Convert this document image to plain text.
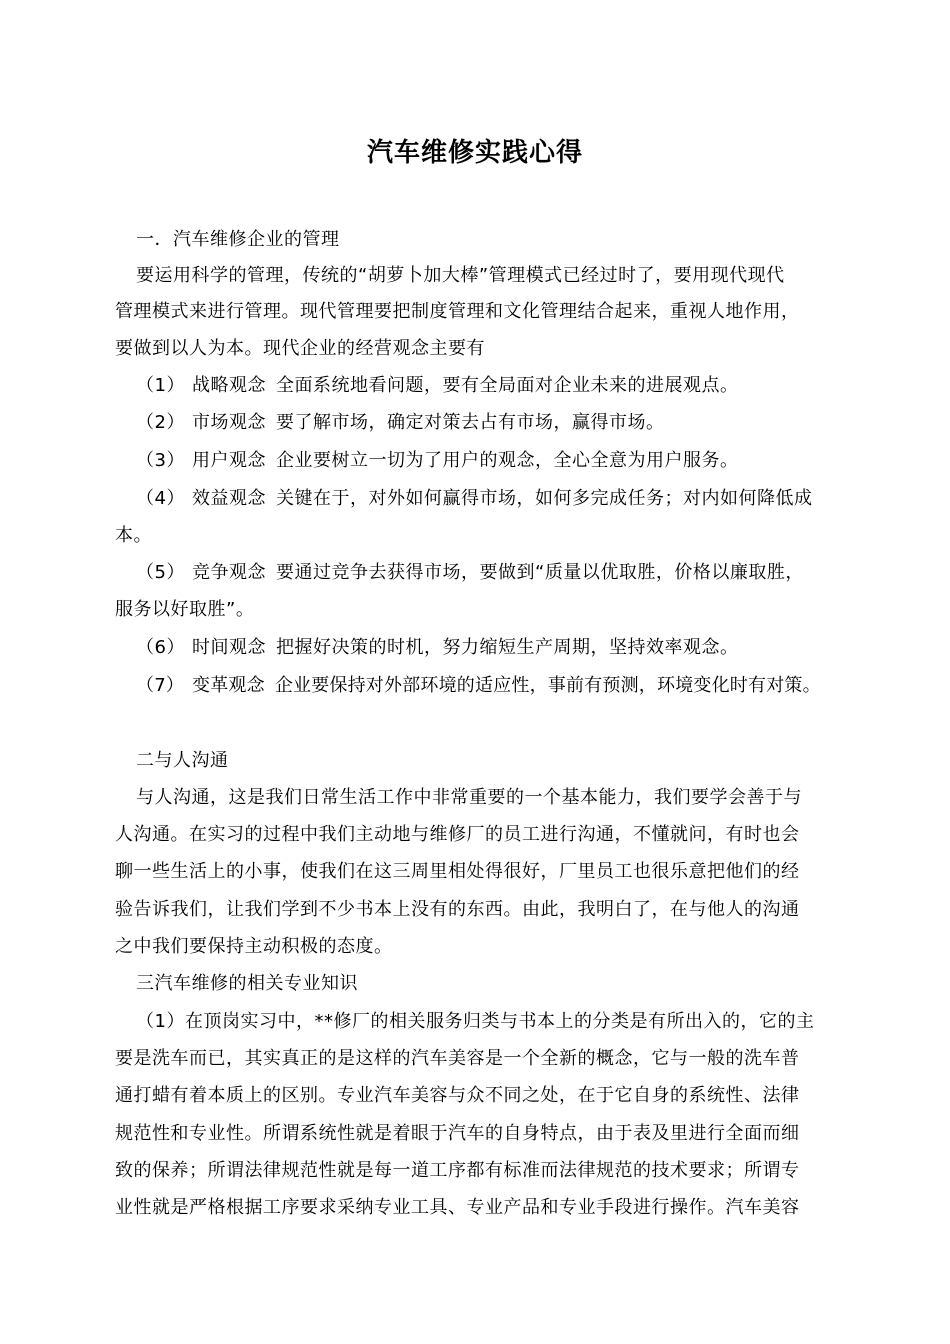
汽车维修实践心得
一．汽车维修企业的管理
要运用科学的管理，传统的“胡萝卜加大棒”管理模式已经过时了，要用现代现代
管理模式来进行管理。现代管理要把制度管理和文化管理结合起来，重视人地作用，
要做到以人为本。现代企业的经营观念主要有
（1） 战略观念 全面系统地看问题，要有全局面对企业未来的进展观点。
（2） 市场观念 要了解市场，确定对策去占有市场，赢得市场。
（3） 用户观念 企业要树立一切为了用户的观念，全心全意为用户服务。
（4） 效益观念 关键在于，对外如何赢得市场，如何多完成任务；对内如何降低成
本。
（5） 竞争观念 要通过竞争去获得市场，要做到“质量以优取胜，价格以廉取胜，
服务以好取胜”。
（6） 时间观念 把握好决策的时机，努力缩短生产周期，坚持效率观念。
（7） 变革观念 企业要保持对外部环境的适应性，事前有预测，环境变化时有对策。
二与人沟通
与人沟通，这是我们日常生活工作中非常重要的一个基本能力，我们要学会善于与
人沟通。在实习的过程中我们主动地与维修厂的员工进行沟通，不懂就问，有时也会
聊一些生活上的小事，使我们在这三周里相处得很好，厂里员工也很乐意把他们的经
验告诉我们，让我们学到不少书本上没有的东西。由此，我明白了，在与他人的沟通
之中我们要保持主动积极的态度。
三汽车维修的相关专业知识
（1）在顶岗实习中，**修厂的相关服务归类与书本上的分类是有所出入的，它的主
要是洗车而已，其实真正的是这样的汽车美容是一个全新的概念，它与一般的洗车普
通打蜡有着本质上的区别。专业汽车美容与众不同之处，在于它自身的系统性、法律
规范性和专业性。所谓系统性就是着眼于汽车的自身特点，由于表及里进行全面而细
致的保养；所谓法律规范性就是每一道工序都有标准而法律规范的技术要求；所谓专
业性就是严格根据工序要求采纳专业工具、专业产品和专业手段进行操作。汽车美容
